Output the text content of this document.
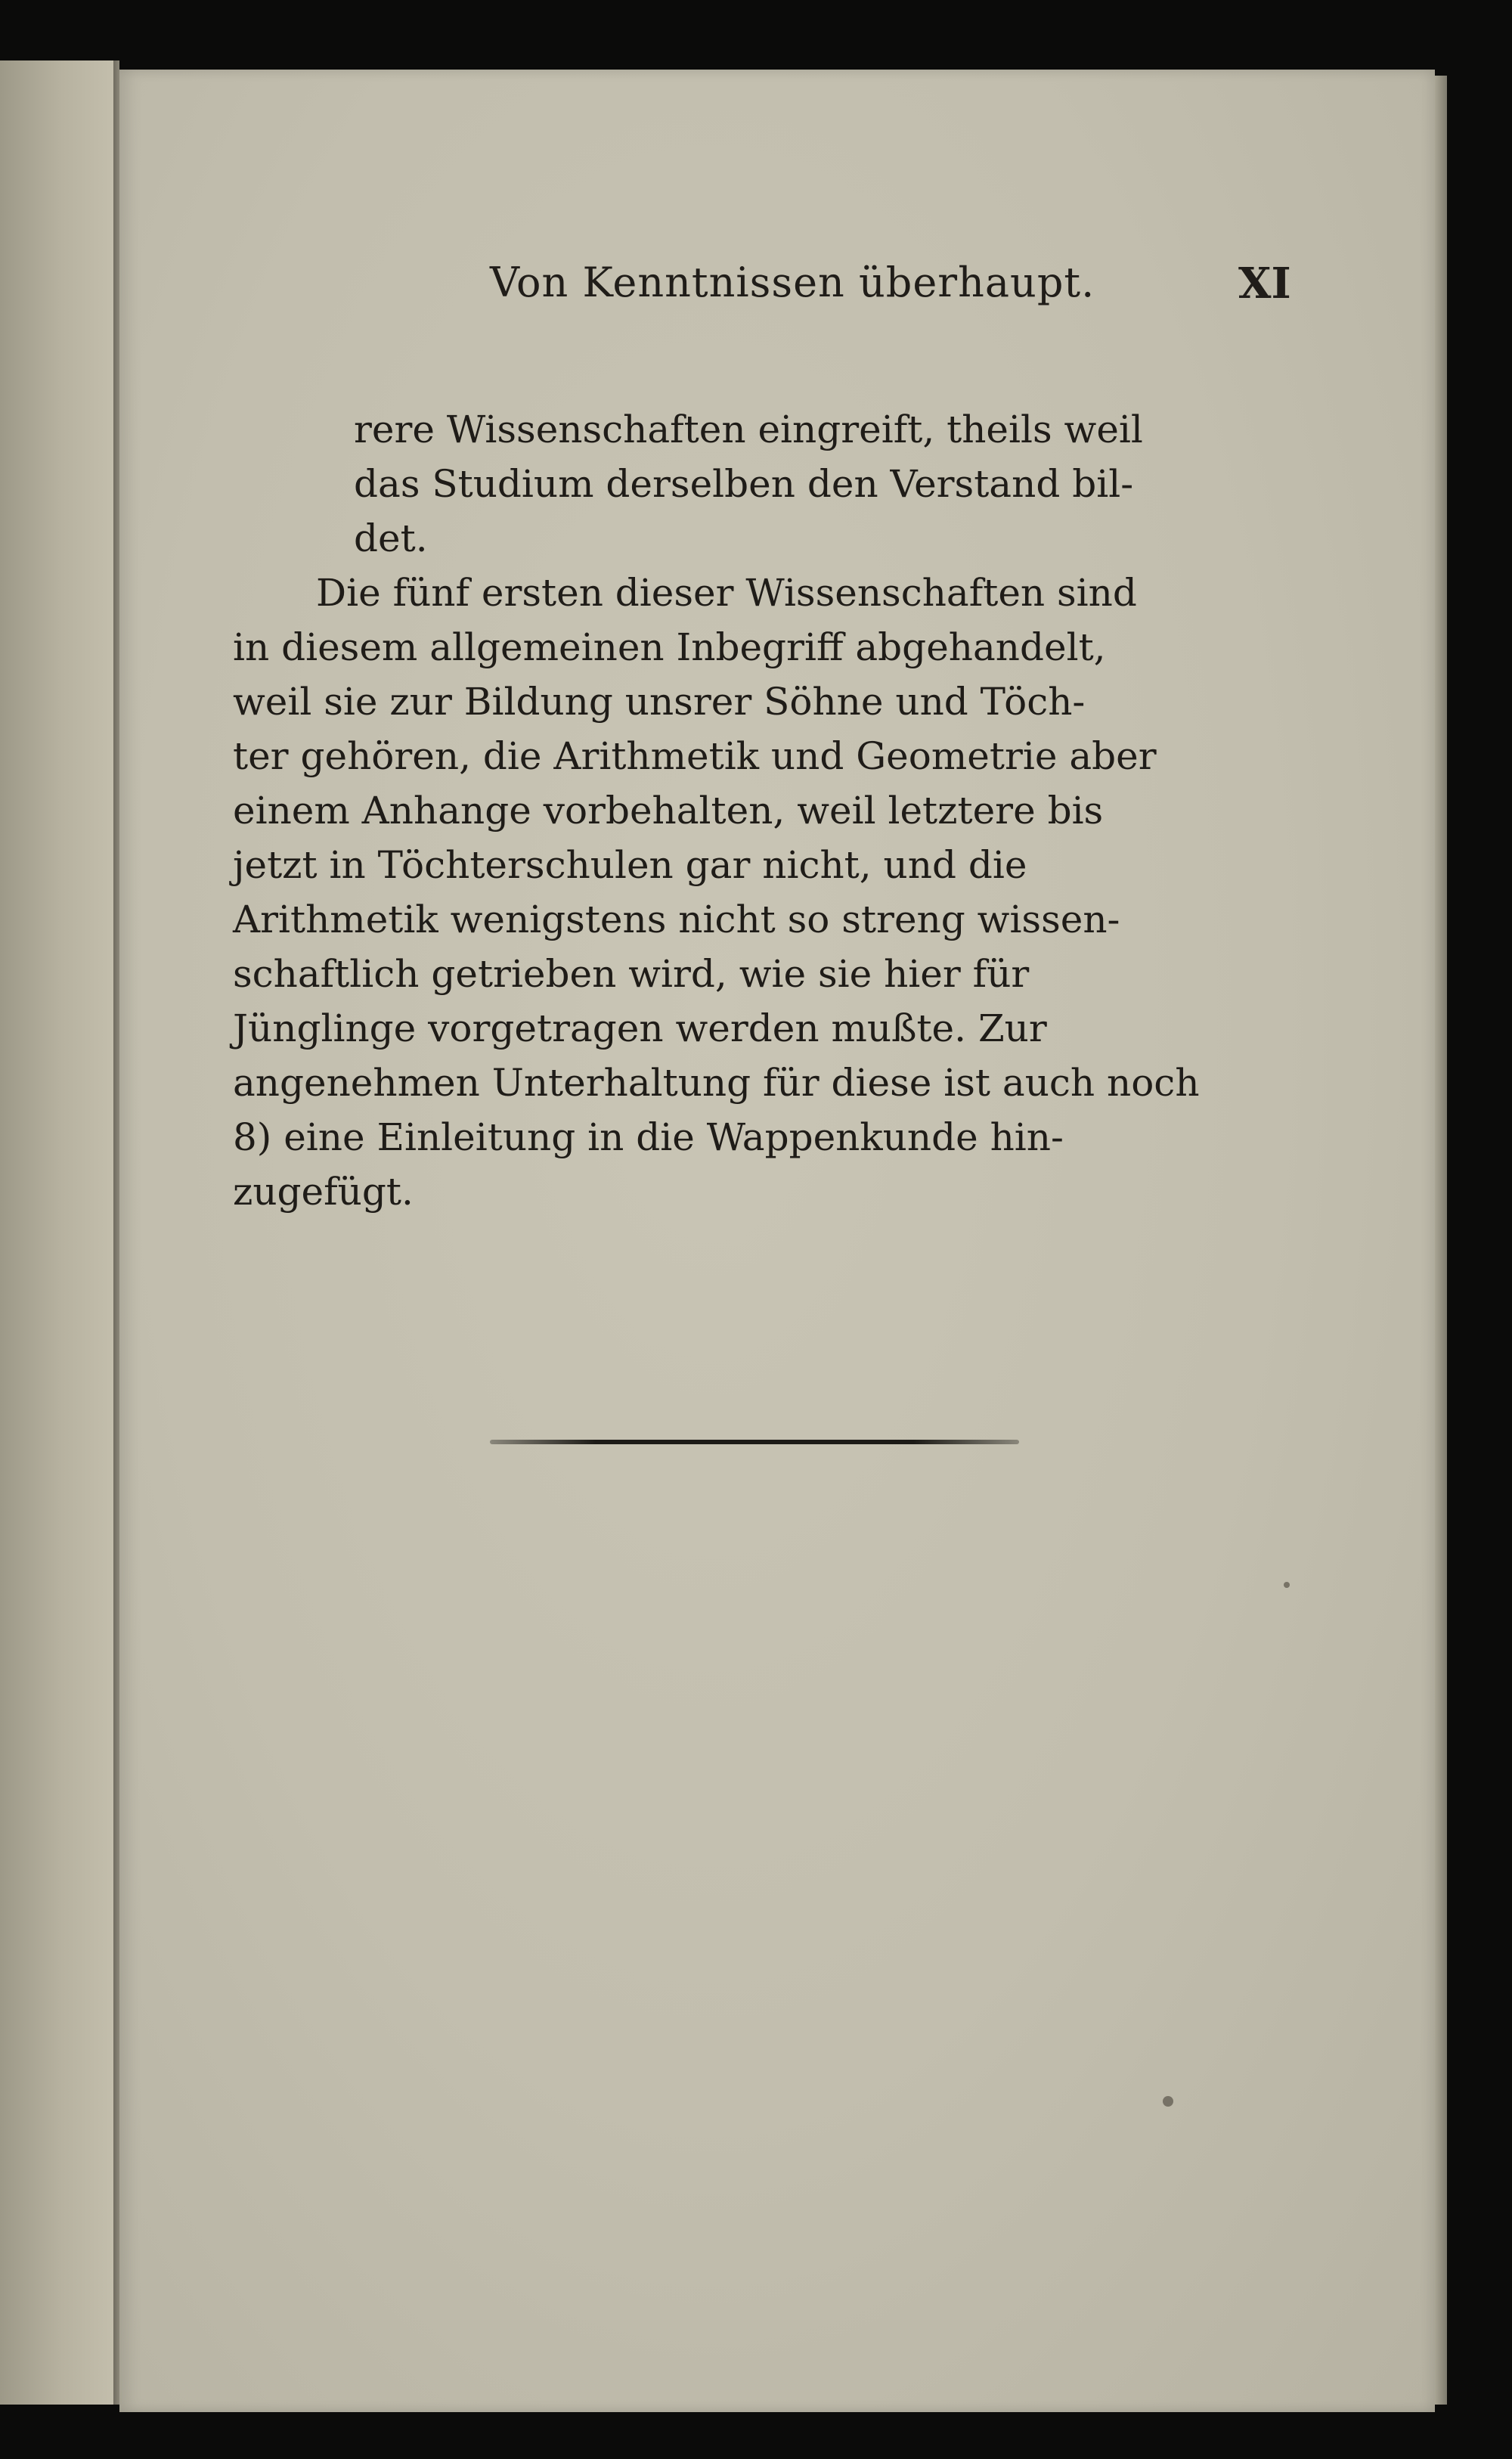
Von Kenntnissen überhaupt.	XI
rere Wissenschaften eingreift, theils weil
das Studium derselben den Verstand bil-
det.
Die fünf ersten dieser Wissenschaften sind
in diesem allgemeinen Inbegriff abgehandelt,
weil sie zur Bildung unsrer Söhne und Töch-
ter gehören, die Arithmetik und Geometrie aber
einem Anhange vorbehalten, weil letztere bis
jetzt in Töchterschulen gar nicht, und die
Arithmetik wenigstens nicht so streng wissen-
schaftlich getrieben wird, wie sie hier für
Jünglinge vorgetragen werden mußte. Zur
angenehmen Unterhaltung für diese ist auch noch
8) eine Einleitung in die Wappenkunde hin-
zugefügt.
